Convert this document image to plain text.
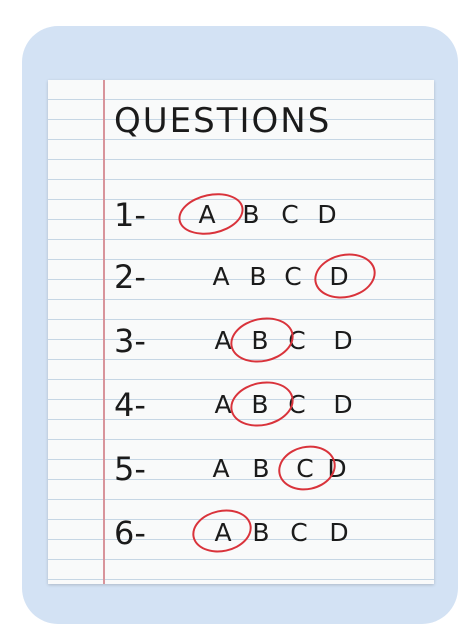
QUESTIONS
1- A B C D
2-	A B C D
3-	A B C D
4-	A B C D
5-	A B C D
6-	A B C D
